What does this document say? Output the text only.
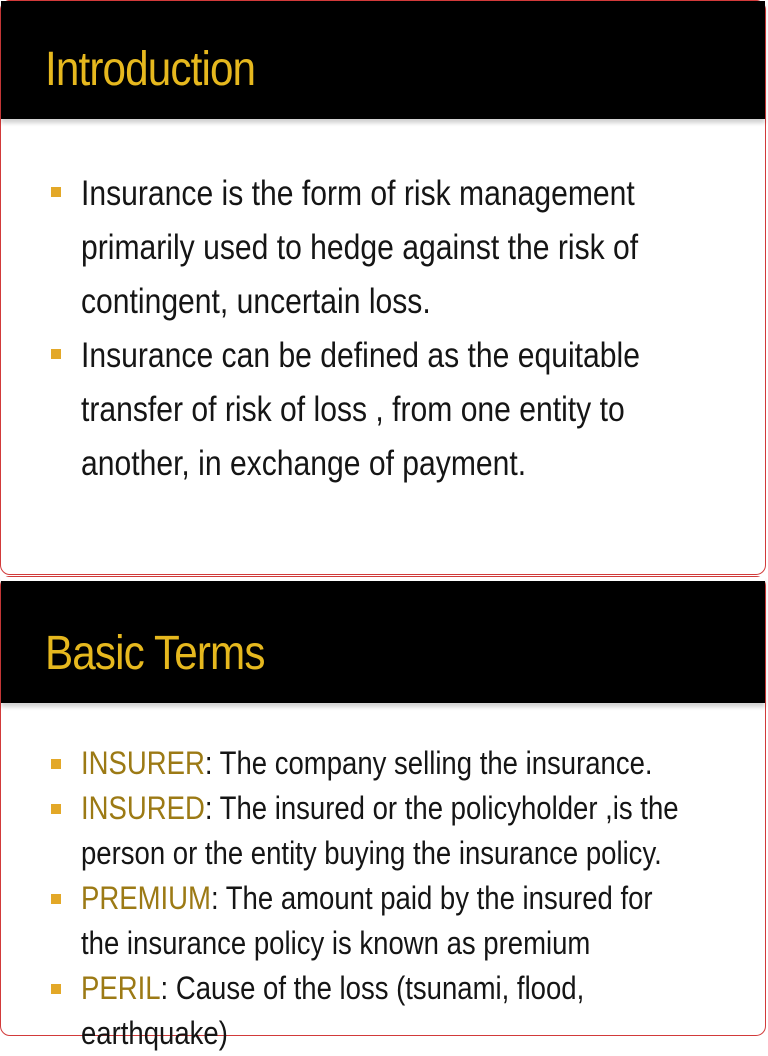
Introduction
Insurance is the form of risk management
primarily used to hedge against the risk of
contingent, uncertain loss.
Insurance can be defined as the equitable
transfer of risk of loss , from one entity to
another, in exchange of payment.
Basic Terms
INSURER: The company selling the insurance.
INSURED: The insured or the policyholder ,is the
person or the entity buying the insurance policy.
PREMIUM: The amount paid by the insured for
the insurance policy is known as premium
PERIL: Cause of the loss (tsunami, flood,
earthquake)
